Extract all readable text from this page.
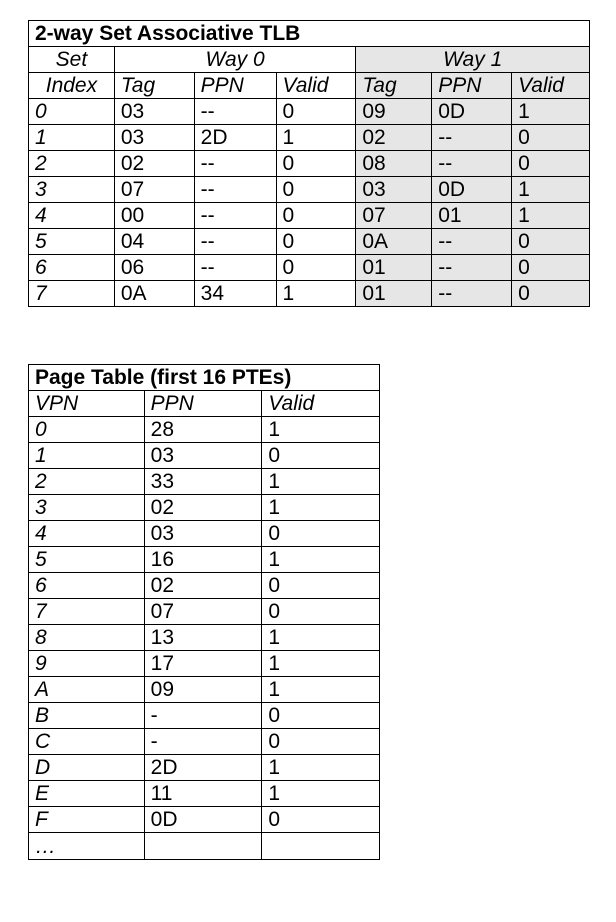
2-way Set Associative TLB						
Set	Way 0			Way 1		
Index	Tag	PPN	Valid	Tag	PPN	Valid
0	03	--	0	09	0D	1
1	03	2D	1	02	--	0
2	02	--	0	08	--	0
3	07	--	0	03	0D	1
4	00	--	0	07	01	1
5	04	--	0	0A	--	0
6	06	--	0	01	--	0
7	0A	34	1	01	--	0
Page Table (first 16 PTEs)		
VPN	PPN	Valid
0	28	1
1	03	0
2	33	1
3	02	1
4	03	0
5	16	1
6	02	0
7	07	0
8	13	1
9	17	1
A	09	1
B	-	0
C	-	0
D	2D	1
E	11	1
F	0D	0
…		
